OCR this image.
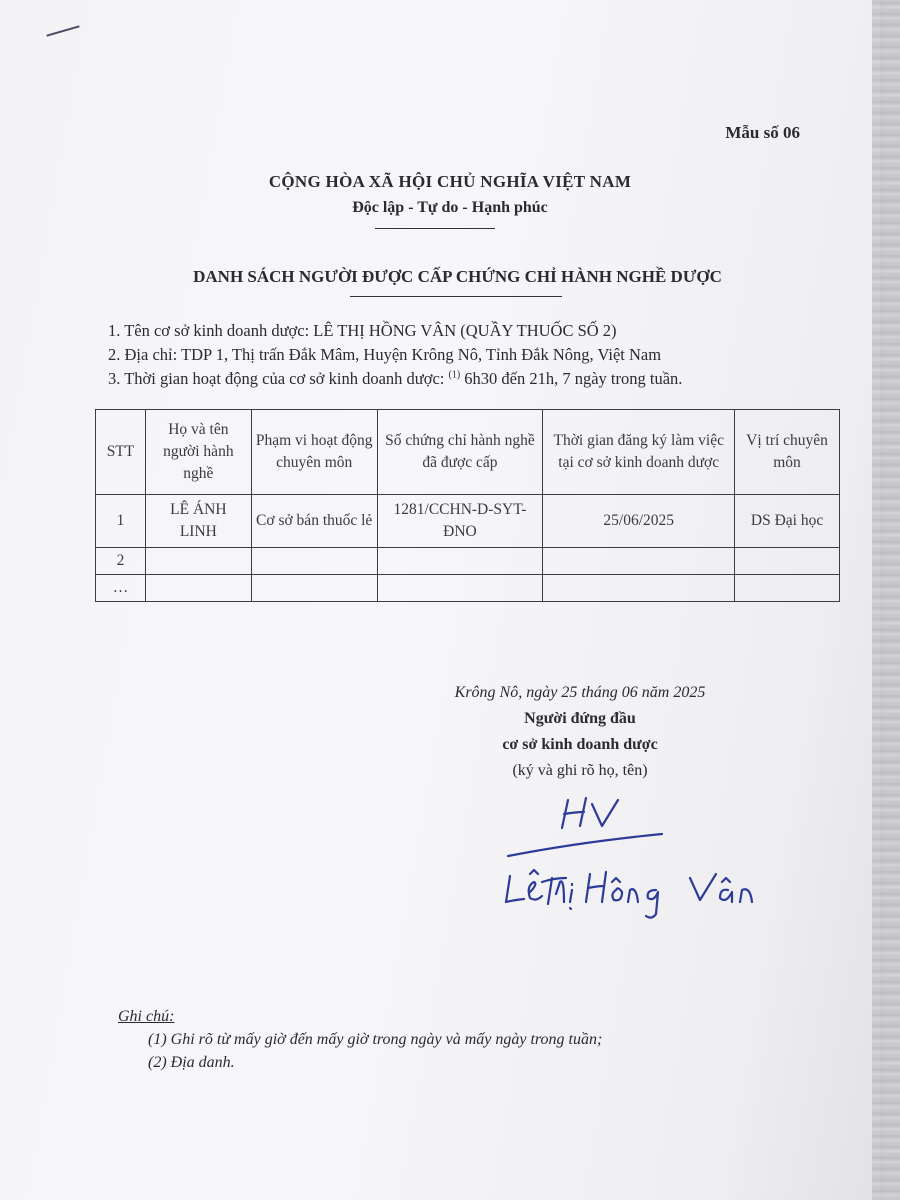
Mẫu số 06
CỘNG HÒA XÃ HỘI CHỦ NGHĨA VIỆT NAM
Độc lập - Tự do - Hạnh phúc
DANH SÁCH NGƯỜI ĐƯỢC CẤP CHỨNG CHỈ HÀNH NGHỀ DƯỢC
1. Tên cơ sở kinh doanh dược: LÊ THỊ HỒNG VÂN (QUẦY THUỐC SỐ 2)
2. Địa chỉ: TDP 1, Thị trấn Đắk Mâm, Huyện Krông Nô, Tỉnh Đắk Nông, Việt Nam
3. Thời gian hoạt động của cơ sở kinh doanh dược: $^{(1)}$ 6h30 đến 21h, 7 ngày trong tuần.
STT	Họ và tên người hành nghề	Phạm vi hoạt động chuyên môn	Số chứng chỉ hành nghề đã được cấp	Thời gian đăng ký làm việc tại cơ sở kinh doanh dược	Vị trí chuyên môn
1	LÊ ÁNH LINH	Cơ sở bán thuốc lẻ	1281/CCHN-D-SYT-ĐNO	25/06/2025	DS Đại học
2					
…					
Krông Nô, ngày 25 tháng 06 năm 2025
Người đứng đầu
cơ sở kinh doanh dược
(ký và ghi rõ họ, tên)
Ghi chú:
(1) Ghi rõ từ mấy giờ đến mấy giờ trong ngày và mấy ngày trong tuần;
(2) Địa danh.
